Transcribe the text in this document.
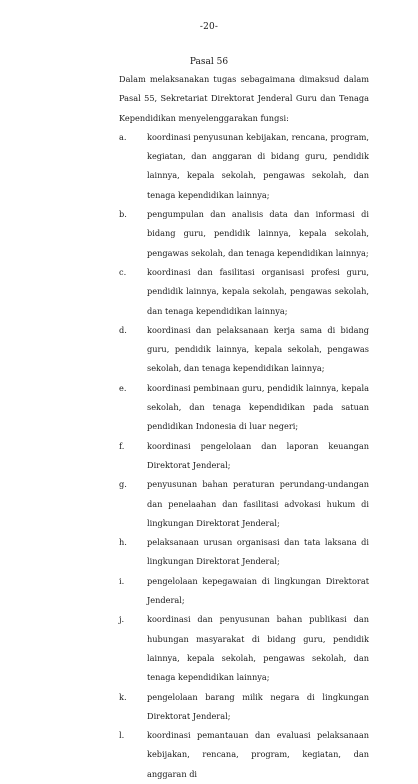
-20-
Pasal 56

Dalam melaksanakan tugas sebagaimana dimaksud dalam Pasal 55, Sekretariat Direktorat Jenderal Guru dan Tenaga Kependidikan menyelenggarakan fungsi:

a.	koordinasi penyusunan kebijakan, rencana, program, kegiatan, dan anggaran di bidang guru, pendidik lainnya, kepala sekolah, pengawas sekolah, dan tenaga kependidikan lainnya;
b.	pengumpulan dan analisis data dan informasi di bidang guru, pendidik lainnya, kepala sekolah, pengawas sekolah, dan tenaga kependidikan lainnya;
c.	koordinasi dan fasilitasi organisasi profesi guru, pendidik lainnya, kepala sekolah, pengawas sekolah, dan tenaga kependidikan lainnya;
d.	koordinasi dan pelaksanaan kerja sama di bidang guru, pendidik lainnya, kepala sekolah, pengawas sekolah, dan tenaga kependidikan lainnya;
e.	koordinasi pembinaan guru, pendidik lainnya, kepala sekolah, dan tenaga kependidikan pada satuan pendidikan Indonesia di luar negeri;
f.	koordinasi pengelolaan dan laporan keuangan Direktorat Jenderal;
g.	penyusunan bahan peraturan perundang-undangan dan penelaahan dan fasilitasi advokasi hukum di lingkungan Direktorat Jenderal;
h.	pelaksanaan urusan organisasi dan tata laksana di lingkungan Direktorat Jenderal;
i.	pengelolaan kepegawaian di lingkungan Direktorat Jenderal;
j.	koordinasi dan penyusunan bahan publikasi dan hubungan masyarakat di bidang guru, pendidik lainnya, kepala sekolah, pengawas sekolah, dan tenaga kependidikan lainnya;
k.	pengelolaan barang milik negara di lingkungan Direktorat Jenderal;
l.	koordinasi pemantauan dan evaluasi pelaksanaan kebijakan, rencana, program, kegiatan, dan anggaran di
